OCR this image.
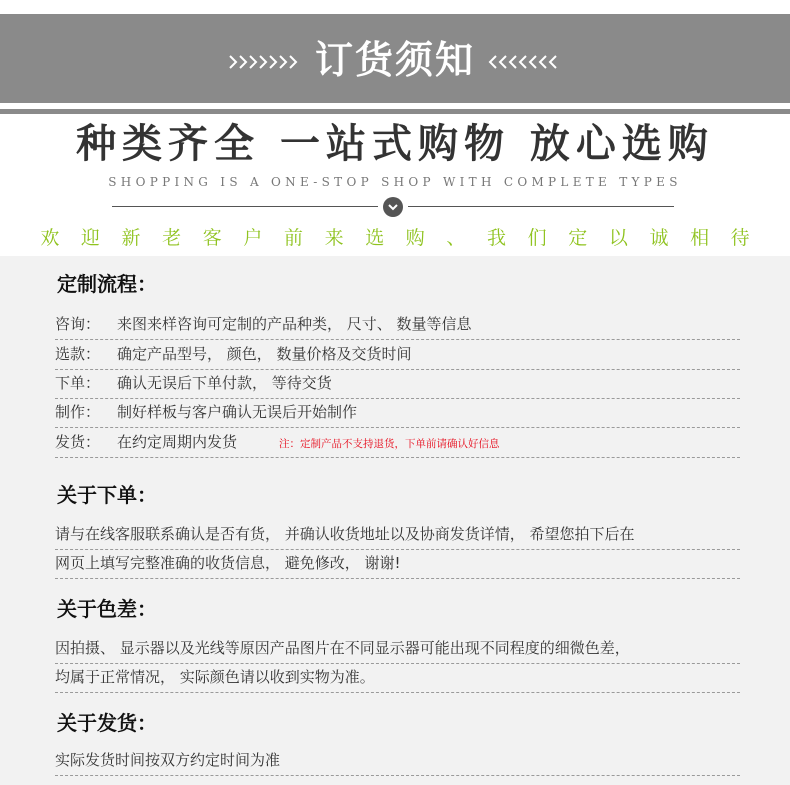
订货须知
种类齐全 一站式购物 放心选购
SHOPPING IS A ONE-STOP SHOP WITH COMPLETE TYPES
欢 迎 新 老 客 户 前 来 选 购 、 我 们 定 以 诚 相 待
定制流程：
咨询： 来图来样咨询可定制的产品种类， 尺寸、 数量等信息
选款： 确定产品型号， 颜色， 数量价格及交货时间
下单： 确认无误后下单付款， 等待交货
制作： 制好样板与客户确认无误后开始制作
发货： 在约定周期内发货	注：定制产品不支持退货，下单前请确认好信息
关于下单：
请与在线客服联系确认是否有货， 并确认收货地址以及协商发货详情， 希望您拍下后在
网页上填写完整准确的收货信息， 避免修改， 谢谢!
关于色差：
因拍摄、 显示器以及光线等原因产品图片在不同显示器可能出现不同程度的细微色差，
均属于正常情况， 实际颜色请以收到实物为准。
关于发货：
实际发货时间按双方约定时间为准
